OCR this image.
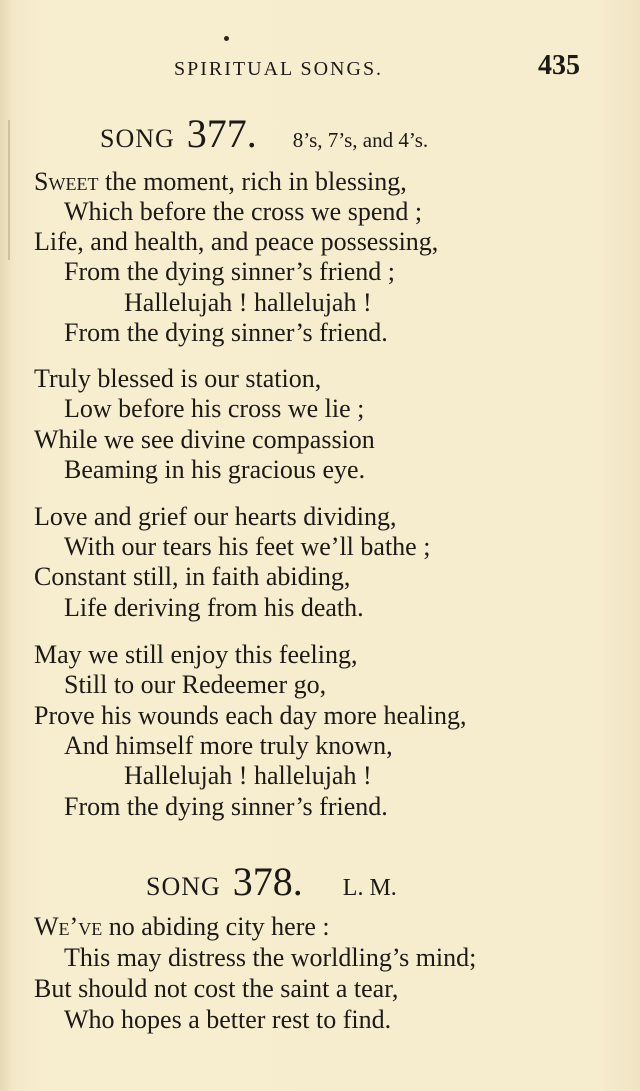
SPIRITUAL SONGS.	435
SONG 377. 8’s, 7’s, and 4’s.
Sweet the moment, rich in blessing,
Which before the cross we spend ;
Life, and health, and peace possessing,
From the dying sinner’s friend ;
Hallelujah ! hallelujah !
From the dying sinner’s friend.
Truly blessed is our station,
Low before his cross we lie ;
While we see divine compassion
Beaming in his gracious eye.
Love and grief our hearts dividing,
With our tears his feet we’ll bathe ;
Constant still, in faith abiding,
Life deriving from his death.
May we still enjoy this feeling,
Still to our Redeemer go,
Prove his wounds each day more healing,
And himself more truly known,
Hallelujah ! hallelujah !
From the dying sinner’s friend.
SONG 378. L. M.
We’ve no abiding city here :
This may distress the worldling’s mind;
But should not cost the saint a tear,
Who hopes a better rest to find.
